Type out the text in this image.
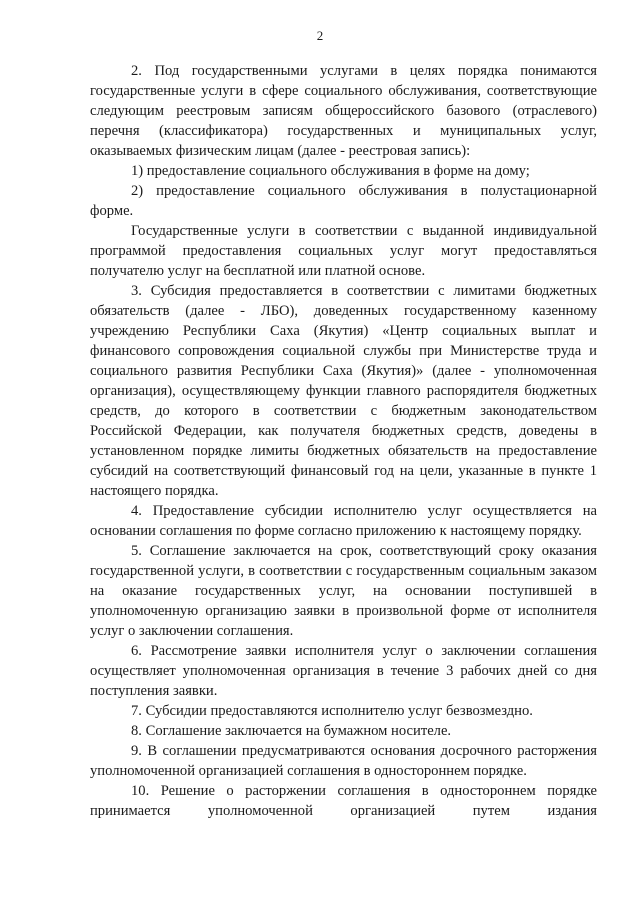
2

2. Под государственными услугами в целях порядка понимаются государственные услуги в сфере социального обслуживания, соответствующие следующим реестровым записям общероссийского базового (отраслевого) перечня (классификатора) государственных и муниципальных услуг, оказываемых физическим лицам (далее - реестровая запись):

1) предоставление социального обслуживания в форме на дому;

2) предоставление социального обслуживания в полустационарной форме.

Государственные услуги в соответствии с выданной индивидуальной программой предоставления социальных услуг могут предоставляться получателю услуг на бесплатной или платной основе.

3. Субсидия предоставляется в соответствии с лимитами бюджетных обязательств (далее - ЛБО), доведенных государственному казенному учреждению Республики Саха (Якутия) «Центр социальных выплат и финансового сопровождения социальной службы при Министерстве труда и социального развития Республики Саха (Якутия)» (далее - уполномоченная организация), осуществляющему функции главного распорядителя бюджетных средств, до которого в соответствии с бюджетным законодательством Российской Федерации, как получателя бюджетных средств, доведены в установленном порядке лимиты бюджетных обязательств на предоставление субсидий на соответствующий финансовый год на цели, указанные в пункте 1 настоящего порядка.

4. Предоставление субсидии исполнителю услуг осуществляется на основании соглашения по форме согласно приложению к настоящему порядку.

5. Соглашение заключается на срок, соответствующий сроку оказания государственной услуги, в соответствии с государственным социальным заказом на оказание государственных услуг, на основании поступившей в уполномоченную организацию заявки в произвольной форме от исполнителя услуг о заключении соглашения.

6. Рассмотрение заявки исполнителя услуг о заключении соглашения осуществляет уполномоченная организация в течение 3 рабочих дней со дня поступления заявки.

7. Субсидии предоставляются исполнителю услуг безвозмездно.

8. Соглашение заключается на бумажном носителе.

9. В соглашении предусматриваются основания досрочного расторжения уполномоченной организацией соглашения в одностороннем порядке.

10. Решение о расторжении соглашения в одностороннем порядке принимается уполномоченной организацией путем издания
